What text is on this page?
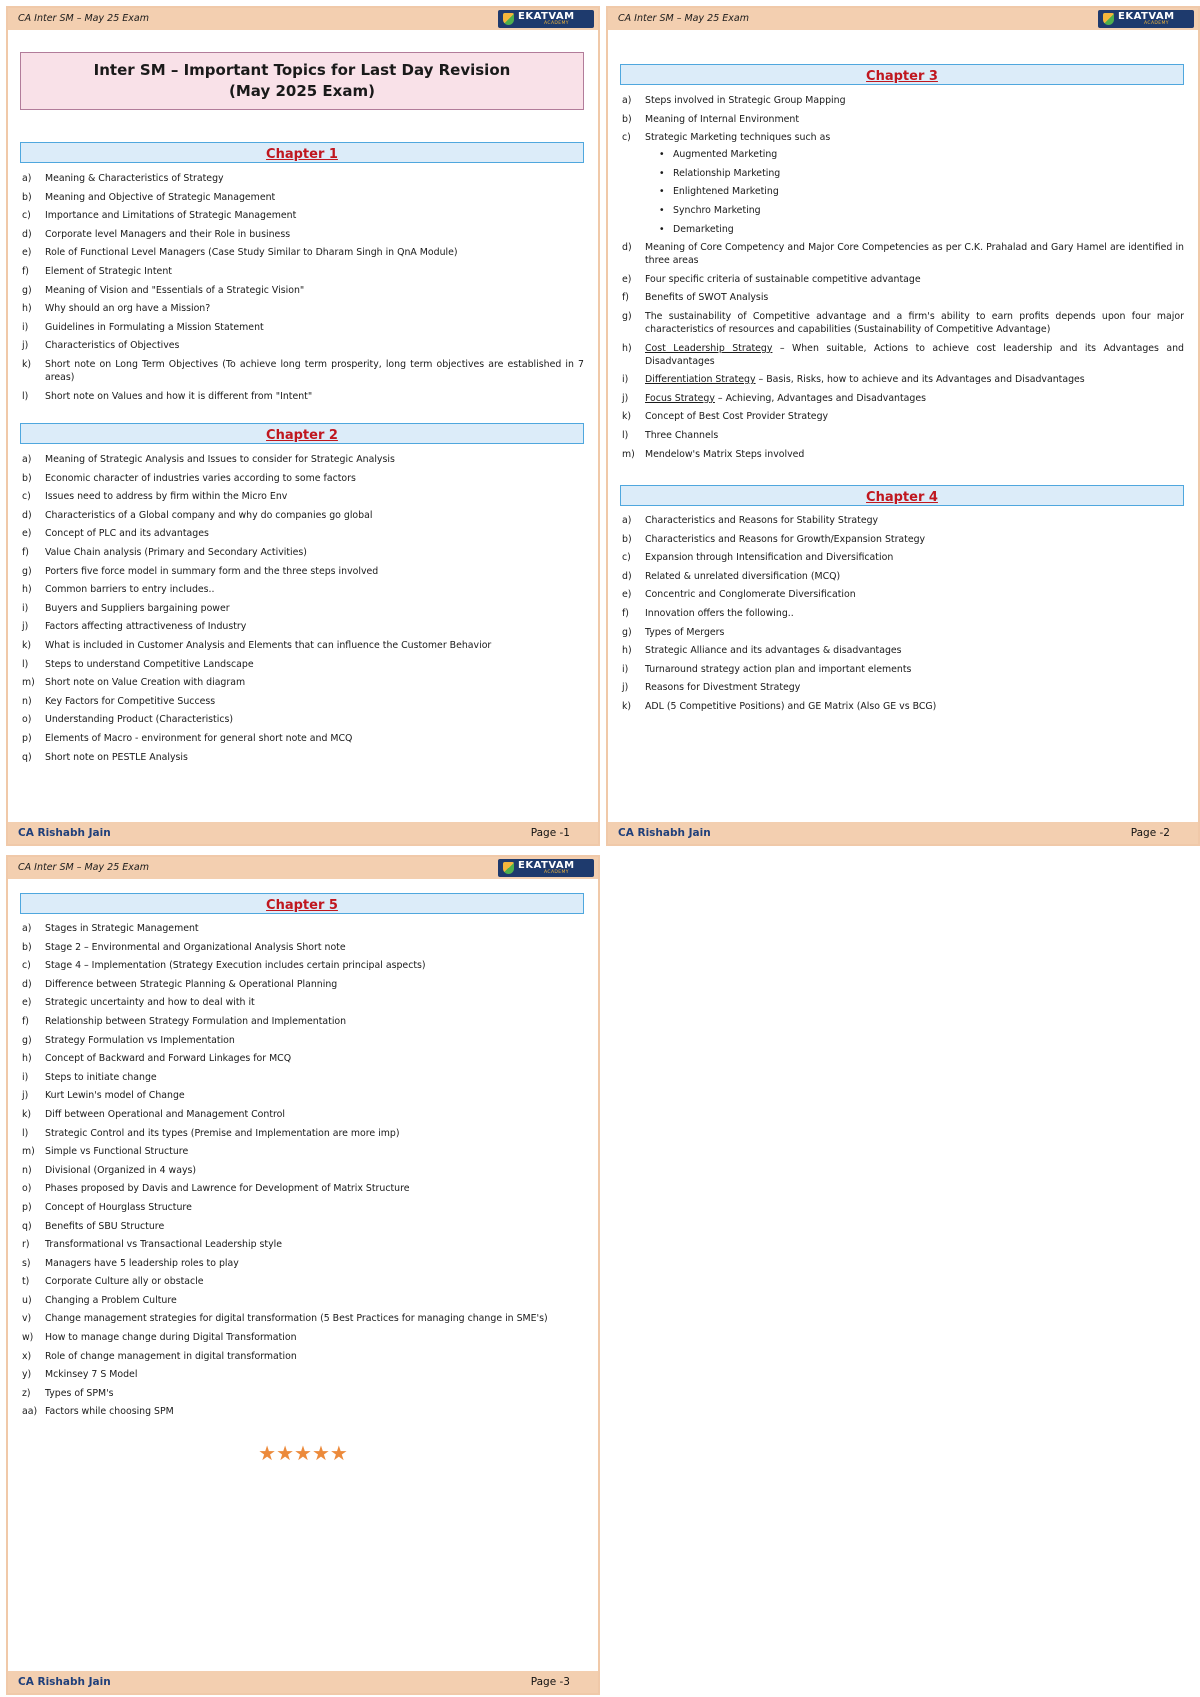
CA Inter SM – May 25 Exam	EKATVAM
ACADEMY
Inter SM – Important Topics for Last Day Revision
(May 2025 Exam)
Chapter 1
a)	Meaning & Characteristics of Strategy
b)	Meaning and Objective of Strategic Management
c)	Importance and Limitations of Strategic Management
d)	Corporate level Managers and their Role in business
e)	Role of Functional Level Managers (Case Study Similar to Dharam Singh in QnA Module)
f)	Element of Strategic Intent
g)	Meaning of Vision and "Essentials of a Strategic Vision"
h)	Why should an org have a Mission?
i)	Guidelines in Formulating a Mission Statement
j)	Characteristics of Objectives
k)	Short note on Long Term Objectives (To achieve long term prosperity, long term objectives are established in 7 areas)
l)	Short note on Values and how it is different from "Intent"
Chapter 2
a)	Meaning of Strategic Analysis and Issues to consider for Strategic Analysis
b)	Economic character of industries varies according to some factors
c)	Issues need to address by firm within the Micro Env
d)	Characteristics of a Global company and why do companies go global
e)	Concept of PLC and its advantages
f)	Value Chain analysis (Primary and Secondary Activities)
g)	Porters five force model in summary form and the three steps involved
h)	Common barriers to entry includes..
i)	Buyers and Suppliers bargaining power
j)	Factors affecting attractiveness of Industry
k)	What is included in Customer Analysis and Elements that can influence the Customer Behavior
l)	Steps to understand Competitive Landscape
m)	Short note on Value Creation with diagram
n)	Key Factors for Competitive Success
o)	Understanding Product (Characteristics)
p)	Elements of Macro - environment for general short note and MCQ
q)	Short note on PESTLE Analysis
CA Rishabh Jain	Page -1
CA Inter SM – May 25 Exam	EKATVAM
ACADEMY
Chapter 3
a)	Steps involved in Strategic Group Mapping
b)	Meaning of Internal Environment
c)	Strategic Marketing techniques such as
• Augmented Marketing
• Relationship Marketing
• Enlightened Marketing
• Synchro Marketing
• Demarketing
d)	Meaning of Core Competency and Major Core Competencies as per C.K. Prahalad and Gary Hamel are identified in three areas
e)	Four specific criteria of sustainable competitive advantage
f)	Benefits of SWOT Analysis
g)	The sustainability of Competitive advantage and a firm's ability to earn profits depends upon four major characteristics of resources and capabilities (Sustainability of Competitive Advantage)
h)	Cost Leadership Strategy – When suitable, Actions to achieve cost leadership and its Advantages and Disadvantages
i)	Differentiation Strategy – Basis, Risks, how to achieve and its Advantages and Disadvantages
j)	Focus Strategy – Achieving, Advantages and Disadvantages
k)	Concept of Best Cost Provider Strategy
l)	Three Channels
m)	Mendelow's Matrix Steps involved
Chapter 4
a)	Characteristics and Reasons for Stability Strategy
b)	Characteristics and Reasons for Growth/Expansion Strategy
c)	Expansion through Intensification and Diversification
d)	Related & unrelated diversification (MCQ)
e)	Concentric and Conglomerate Diversification
f)	Innovation offers the following..
g)	Types of Mergers
h)	Strategic Alliance and its advantages & disadvantages
i)	Turnaround strategy action plan and important elements
j)	Reasons for Divestment Strategy
k)	ADL (5 Competitive Positions) and GE Matrix (Also GE vs BCG)
CA Rishabh Jain	Page -2
CA Inter SM – May 25 Exam	EKATVAM
ACADEMY
Chapter 5
a)	Stages in Strategic Management
b)	Stage 2 – Environmental and Organizational Analysis Short note
c)	Stage 4 – Implementation (Strategy Execution includes certain principal aspects)
d)	Difference between Strategic Planning & Operational Planning
e)	Strategic uncertainty and how to deal with it
f)	Relationship between Strategy Formulation and Implementation
g)	Strategy Formulation vs Implementation
h)	Concept of Backward and Forward Linkages for MCQ
i)	Steps to initiate change
j)	Kurt Lewin's model of Change
k)	Diff between Operational and Management Control
l)	Strategic Control and its types (Premise and Implementation are more imp)
m)	Simple vs Functional Structure
n)	Divisional (Organized in 4 ways)
o)	Phases proposed by Davis and Lawrence for Development of Matrix Structure
p)	Concept of Hourglass Structure
q)	Benefits of SBU Structure
r)	Transformational vs Transactional Leadership style
s)	Managers have 5 leadership roles to play
t)	Corporate Culture ally or obstacle
u)	Changing a Problem Culture
v)	Change management strategies for digital transformation (5 Best Practices for managing change in SME's)
w)	How to manage change during Digital Transformation
x)	Role of change management in digital transformation
y)	Mckinsey 7 S Model
z)	Types of SPM's
aa) Factors while choosing SPM
★★★★★
CA Rishabh Jain	Page -3
